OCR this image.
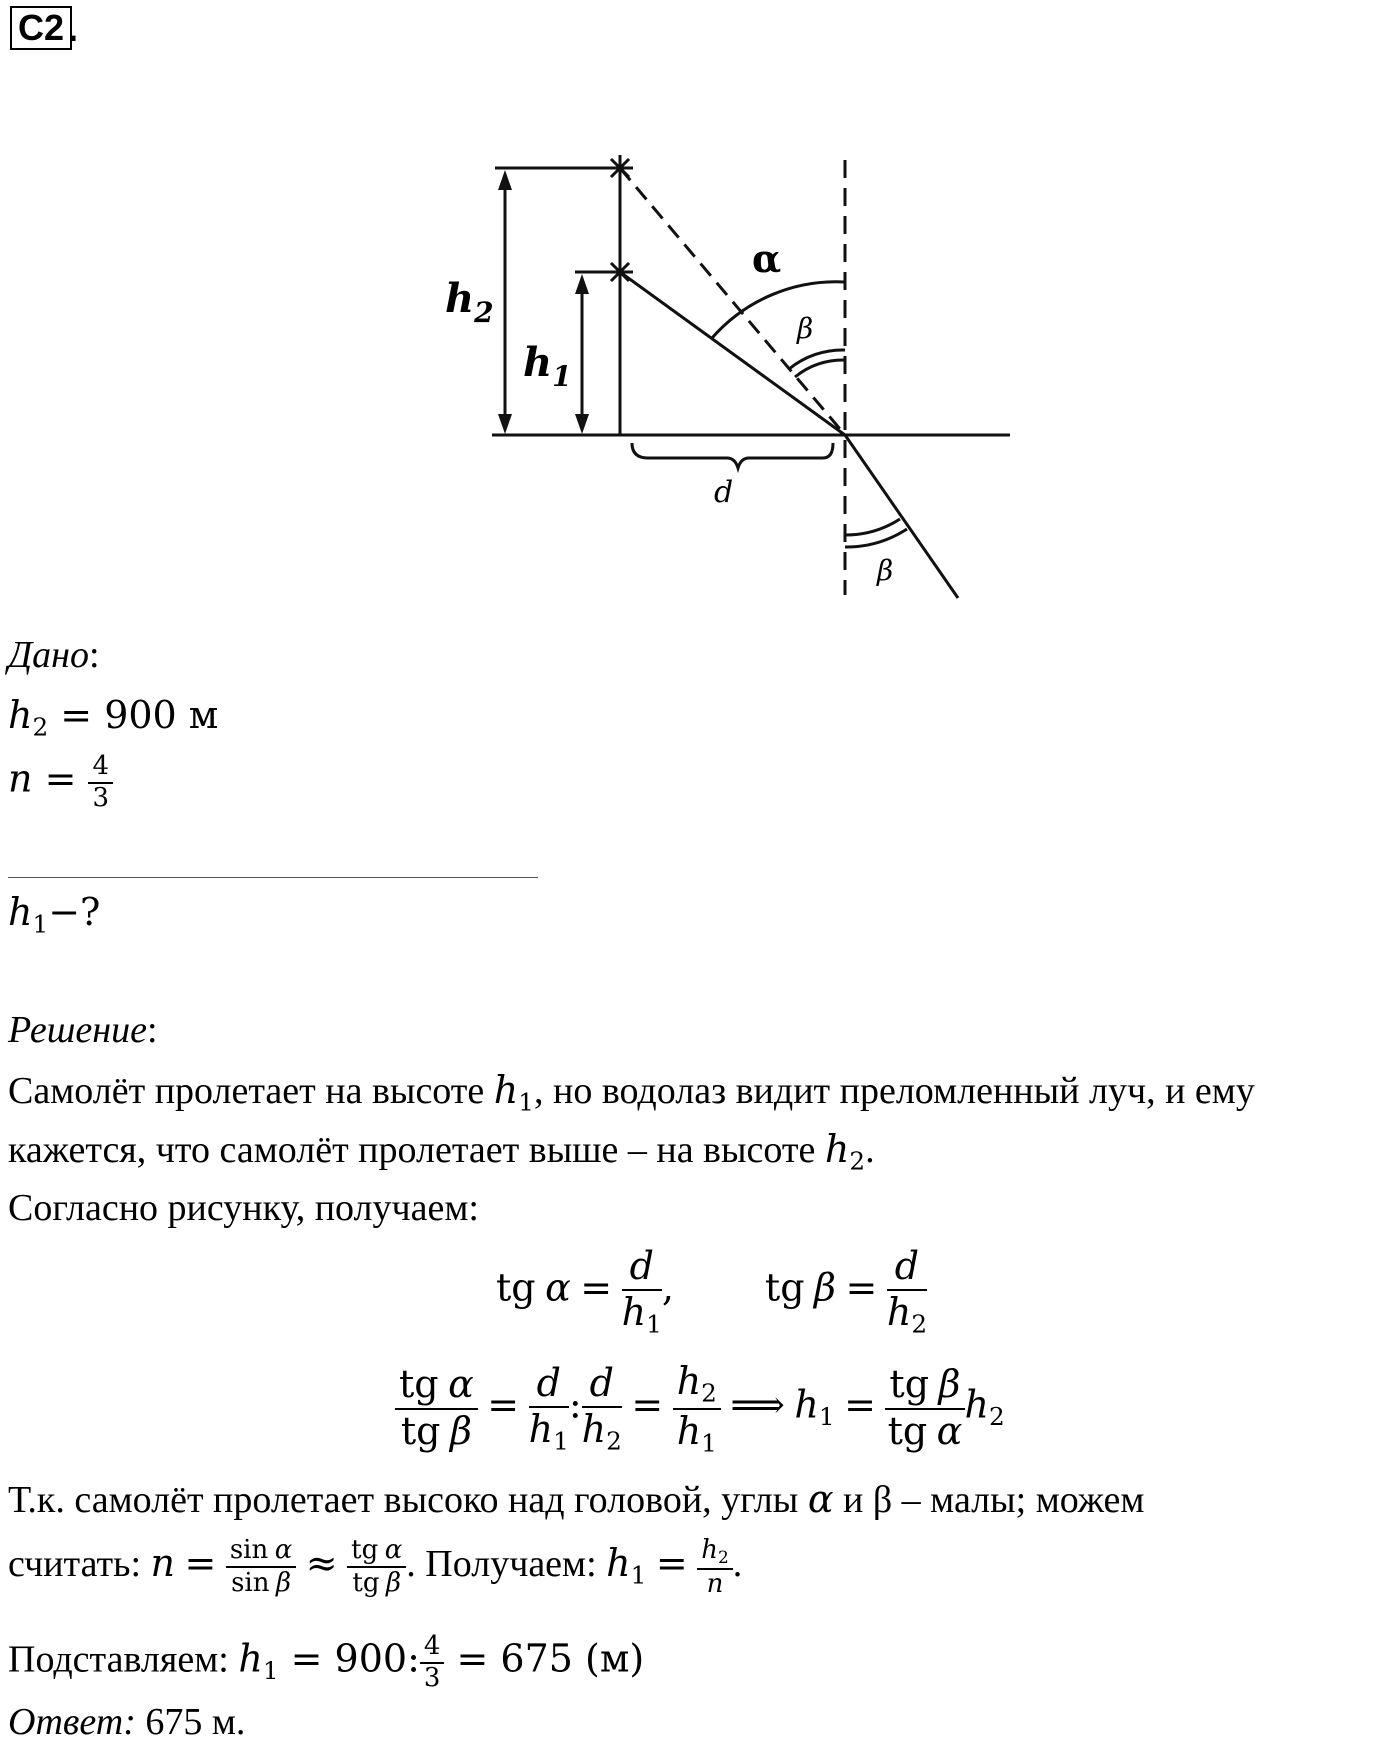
C2 .
$h_2$
$h_1$
α
β
β
d
Дано:
$h_2 = 900$ м
$n = \frac{4}{3}$
$h_1-$?
Решение:
Самолёт пролетает на высоте $h_1$, но водолаз видит преломленный луч, и ему
кажется, что самолёт пролетает выше – на высоте $h_2$.
Согласно рисунку, получаем:
tg $\alpha = \frac{d}{h_1}$ , tg $\beta = \frac{d}{h_2}$
$\frac{\text{tg α}}{\text{tg β}} = \frac{d}{h_1}$ : $\frac{d}{h_2} = \frac{h_2}{h_1}$ ⟹ $h_1 = \frac{\text{tg β}}{\text{tg α}} h_2$
Т.к. самолёт пролетает высоко над головой, углы α и β – малы; можем
считать: $n = \frac{\text{sin α}}{\text{sin β}} \approx \frac{\text{tg α}}{\text{tg β}}$ . Получаем: $h_1 = \frac{h_2}{n}$ .
Подставляем: $h_1 = 900$: $\frac{4}{3} = 675$ (м)
Ответ: 675 м.
